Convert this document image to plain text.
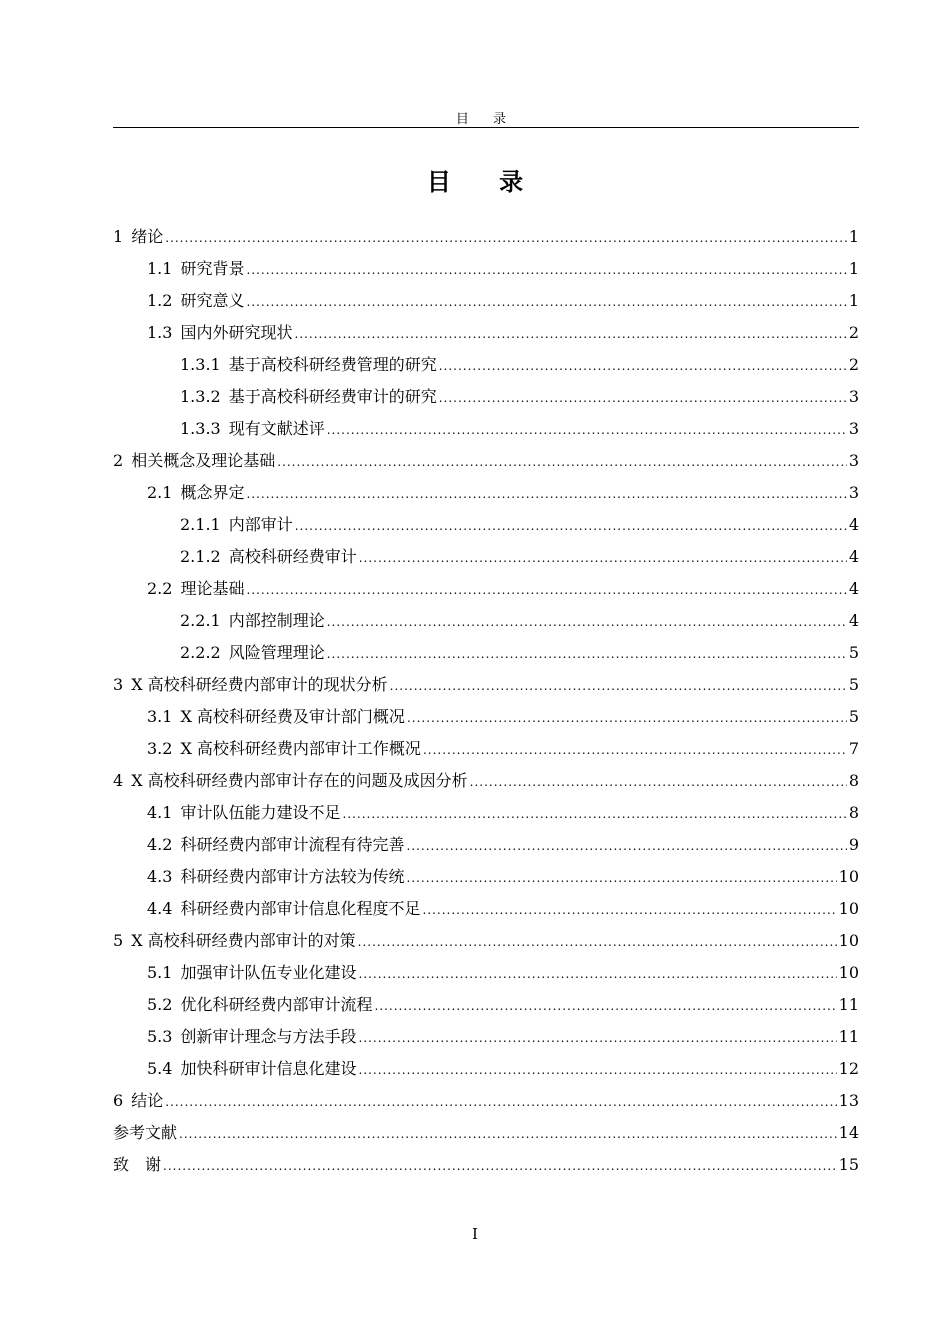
目 录
目 录
1 绪论 .....	1
1.1 研究背景 .....	1
1.2 研究意义 .....	1
1.3 国内外研究现状 .....	2
1.3.1 基于高校科研经费管理的研究 .....	2
1.3.2 基于高校科研经费审计的研究 .....	3
1.3.3 现有文献述评 .....	3
2 相关概念及理论基础 .....	3
2.1 概念界定 .....	3
2.1.1 内部审计 .....	4
2.1.2 高校科研经费审计 .....	4
2.2 理论基础 .....	4
2.2.1 内部控制理论 .....	4
2.2.2 风险管理理论 .....	5
3 X 高校科研经费内部审计的现状分析 .....	5
3.1 X 高校科研经费及审计部门概况 .....	5
3.2 X 高校科研经费内部审计工作概况 .....	7
4 X 高校科研经费内部审计存在的问题及成因分析 .....	8
4.1 审计队伍能力建设不足 .....	8
4.2 科研经费内部审计流程有待完善 .....	9
4.3 科研经费内部审计方法较为传统 .....	10
4.4 科研经费内部审计信息化程度不足 .....	10
5 X 高校科研经费内部审计的对策 .....	10
5.1 加强审计队伍专业化建设 .....	10
5.2 优化科研经费内部审计流程 .....	11
5.3 创新审计理念与方法手段 .....	11
5.4 加快科研审计信息化建设 .....	12
6 结论 .....	13
参考文献 .....	14
致　谢 .....	15
I
